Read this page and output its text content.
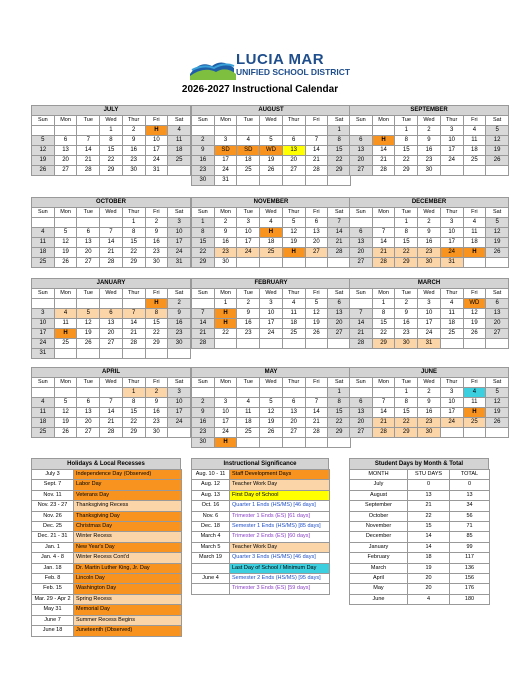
LUCIA MAR
UNIFIED SCHOOL DISTRICT
2026-2027 Instructional Calendar
JULY
Sun	Mon	Tue	Wed	Thur	Fri	Sat
			1	2	H	4
5	6	7	8	9	10	11
12	13	14	15	16	17	18
19	20	21	22	23	24	25
26	27	28	29	30	31	
AUGUST
Sun	Mon	Tue	Wed	Thur	Fri	Sat
						1
2	3	4	5	6	7	8
9	SD	SD	WD	13	14	15
16	17	18	19	20	21	22
23	24	25	26	27	28	29
30	31					
SEPTEMBER
Sun	Mon	Tue	Wed	Thur	Fri	Sat
		1	2	3	4	5
6	H	8	9	10	11	12
13	14	15	16	17	18	19
20	21	22	23	24	25	26
27	28	29	30			
OCTOBER
Sun	Mon	Tue	Wed	Thur	Fri	Sat
				1	2	3
4	5	6	7	8	9	10
11	12	13	14	15	16	17
18	19	20	21	22	23	24
25	26	27	28	29	30	31
NOVEMBER
Sun	Mon	Tue	Wed	Thur	Fri	Sat
1	2	3	4	5	6	7
8	9	10	H	12	13	14
15	16	17	18	19	20	21
22	23	24	25	H	27	28
29	30					
DECEMBER
Sun	Mon	Tue	Wed	Thur	Fri	Sat
		1	2	3	4	5
6	7	8	9	10	11	12
13	14	15	16	17	18	19
20	21	22	23	24	H	26
27	28	29	30	31		
JANUARY
Sun	Mon	Tue	Wed	Thur	Fri	Sat
					H	2
3	4	5	6	7	8	9
10	11	12	13	14	15	16
17	H	19	20	21	22	23
24	25	26	27	28	29	30
31						
FEBRUARY
Sun	Mon	Tue	Wed	Thur	Fri	Sat
	1	2	3	4	5	6
7	H	9	10	11	12	13
14	H	16	17	18	19	20
21	22	23	24	25	26	27
28						
MARCH
Sun	Mon	Tue	Wed	Thur	Fri	Sat
	1	2	3	4	WD	6
7	8	9	10	11	12	13
14	15	16	17	18	19	20
21	22	23	24	25	26	27
28	29	30	31			
APRIL
Sun	Mon	Tue	Wed	Thur	Fri	Sat
				1	2	3
4	5	6	7	8	9	10
11	12	13	14	15	16	17
18	19	20	21	22	23	24
25	26	27	28	29	30	
MAY
Sun	Mon	Tue	Wed	Thur	Fri	Sat
						1
2	3	4	5	6	7	8
9	10	11	12	13	14	15
16	17	18	19	20	21	22
23	24	25	26	27	28	29
30	H					
JUNE
Sun	Mon	Tue	Wed	Thur	Fri	Sat
		1	2	3	4	5
6	7	8	9	10	11	12
13	14	15	16	17	H	19
20	21	22	23	24	25	26
27	28	29	30			
Holidays & Local Recesses
July 3	Independence Day (Observed)
Sept. 7	Labor Day
Nov. 11	Veterans Day
Nov. 23 - 27	Thanksgiving Recess
Nov. 26	Thanksgiving Day
Dec. 25	Christmas Day
Dec. 21 - 31	Winter Recess
Jan. 1	New Year's Day
Jan. 4 - 8	Winter Recess Cont'd
Jan. 18	Dr. Martin Luther King, Jr. Day
Feb. 8	Lincoln Day
Feb. 15	Washington Day
Mar. 29 - Apr 2	Spring Recess
May 31	Memorial Day
June 7	Summer Recess Begins
June 18	Juneteenth (Observed)
Instructional Significance
Aug. 10 - 11	Staff Development Days
Aug. 12	Teacher Work Day
Aug. 13	First Day of School
Oct. 16	Quarter 1 Ends (HS/MS) [46 days]
Nov. 6	Trimester 1 Ends (ES) [61 days]
Dec. 18	Semester 1 Ends (HS/MS) [85 days]
March 4	Trimester 2 Ends (ES) [60 days]
March 5	Teacher Work Day
March 19	Quarter 3 Ends (HS/MS) [46 days]
	Last Day of School / Minimum Day
June 4	Semester 2 Ends (HS/MS) [95 days]
	Trimester 3 Ends (ES) [59 days]
Student Days by Month & Total
MONTH	STU DAYS	TOTAL
July	0	0
August	13	13
September	21	34
October	22	56
November	15	71
December	14	85
January	14	99
February	18	117
March	19	136
April	20	156
May	20	176
June	4	180
